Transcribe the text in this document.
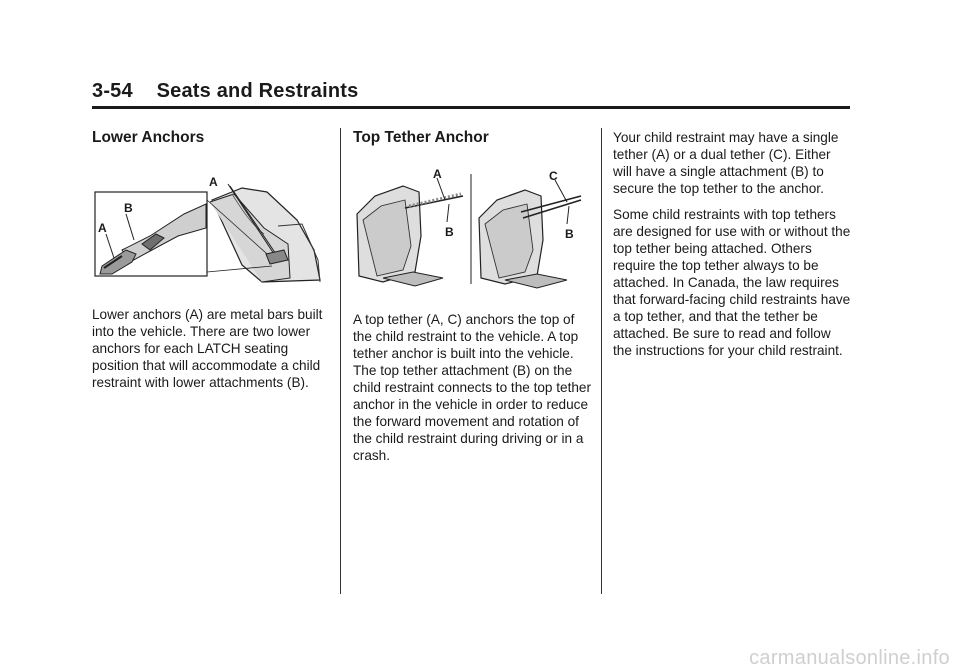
3-54 Seats and Restraints
Lower Anchors
A
B
A

Lower anchors (A) are metal bars built into the vehicle. There are two lower anchors for each LATCH seating position that will accommodate a child restraint with lower attachments (B).

Top Tether Anchor
A
B
C
B

A top tether (A, C) anchors the top of the child restraint to the vehicle. A top tether anchor is built into the vehicle. The top tether attachment (B) on the child restraint connects to the top tether anchor in the vehicle in order to reduce the forward movement and rotation of the child restraint during driving or in a crash.

Your child restraint may have a single tether (A) or a dual tether (C). Either will have a single attachment (B) to secure the top tether to the anchor.

Some child restraints with top tethers are designed for use with or without the top tether being attached. Others require the top tether always to be attached. In Canada, the law requires that forward-facing child restraints have a top tether, and that the tether be attached. Be sure to read and follow the instructions for your child restraint.

carmanualsonline.info
